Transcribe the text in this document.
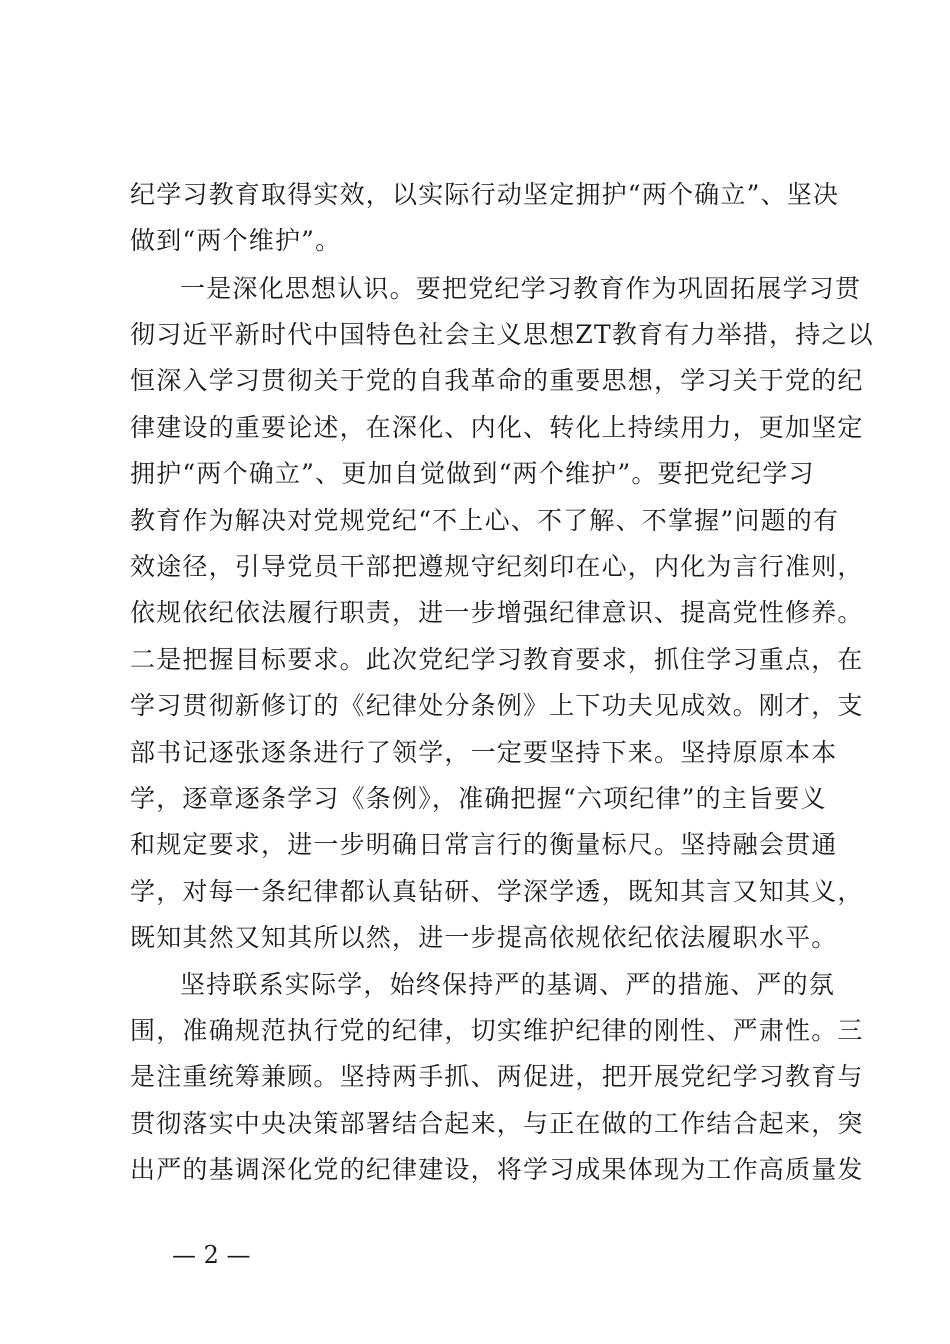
纪学习教育取得实效，以实际行动坚定拥护“两个确立”、坚决
做到“两个维护”。
一是深化思想认识。要把党纪学习教育作为巩固拓展学习贯
彻习近平新时代中国特色社会主义思想ZT教育有力举措，持之以
恒深入学习贯彻关于党的自我革命的重要思想，学习关于党的纪
律建设的重要论述，在深化、内化、转化上持续用力，更加坚定
拥护“两个确立”、更加自觉做到“两个维护”。要把党纪学习
教育作为解决对党规党纪“不上心、不了解、不掌握”问题的有
效途径，引导党员干部把遵规守纪刻印在心，内化为言行准则，
依规依纪依法履行职责，进一步增强纪律意识、提高党性修养。
二是把握目标要求。此次党纪学习教育要求，抓住学习重点，在
学习贯彻新修订的《纪律处分条例》上下功夫见成效。刚才，支
部书记逐张逐条进行了领学，一定要坚持下来。坚持原原本本
学，逐章逐条学习《条例》，准确把握“六项纪律”的主旨要义
和规定要求，进一步明确日常言行的衡量标尺。坚持融会贯通
学，对每一条纪律都认真钻研、学深学透，既知其言又知其义，
既知其然又知其所以然，进一步提高依规依纪依法履职水平。
坚持联系实际学，始终保持严的基调、严的措施、严的氛
围，准确规范执行党的纪律，切实维护纪律的刚性、严肃性。三
是注重统筹兼顾。坚持两手抓、两促进，把开展党纪学习教育与
贯彻落实中央决策部署结合起来，与正在做的工作结合起来，突
出严的基调深化党的纪律建设，将学习成果体现为工作高质量发
— 2 —
